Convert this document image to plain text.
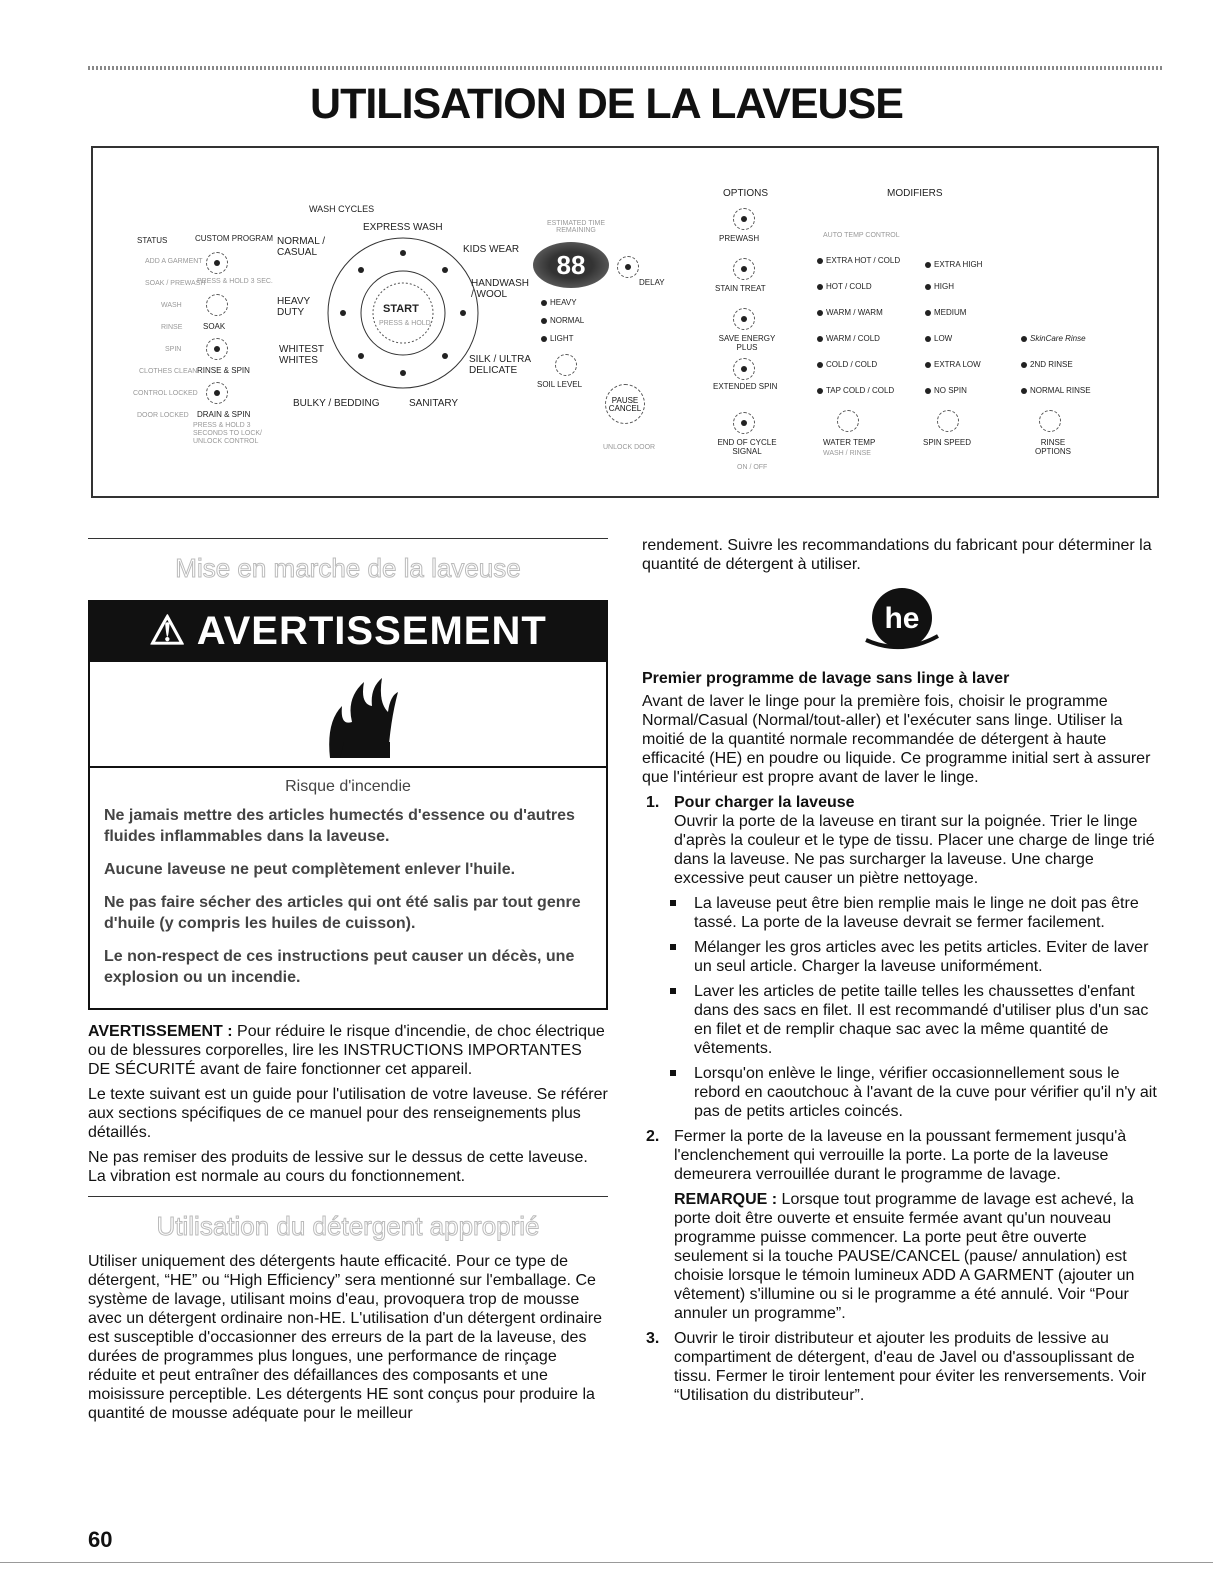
UTILISATION DE LA LAVEUSE
STATUS
ADD A GARMENT
SOAK / PREWASH
WASH
RINSE
SPIN
CLOTHES CLEAN
CONTROL LOCKED
DOOR LOCKED
CUSTOM PROGRAM
PRESS & HOLD 3 SEC.
SOAK
RINSE & SPIN
DRAIN & SPIN
PRESS & HOLD 3 SECONDS TO LOCK/ UNLOCK CONTROL
WASH CYCLES
START
PRESS & HOLD
EXPRESS WASH
NORMAL / CASUAL	KIDS WEAR
HANDWASH / WOOL
HEAVY DUTY
WHITEST WHITES	SILK / ULTRA DELICATE
BULKY / BEDDING	SANITARY
ESTIMATED TIME REMAINING
88
DELAY
HEAVY
NORMAL
LIGHT
SOIL LEVEL
PAUSE CANCEL
UNLOCK DOOR
OPTIONS
PREWASH
STAIN TREAT
SAVE ENERGY PLUS
EXTENDED SPIN
END OF CYCLE SIGNAL
ON / OFF
MODIFIERS
AUTO TEMP CONTROL
EXTRA HOT / COLD
HOT / COLD
WARM / WARM
WARM / COLD
COLD / COLD
TAP COLD / COLD
EXTRA HIGH
HIGH
MEDIUM
LOW
EXTRA LOW
NO SPIN
SkinCare Rinse
2ND RINSE
NORMAL RINSE
WATER TEMP
WASH / RINSE
SPIN SPEED	RINSE OPTIONS
Mise en marche de la laveuse
⚠ AVERTISSEMENT

Risque d'incendie

Ne jamais mettre des articles humectés d'essence ou d'autres fluides inflammables dans la laveuse.

Aucune laveuse ne peut complètement enlever l'huile.

Ne pas faire sécher des articles qui ont été salis par tout genre d'huile (y compris les huiles de cuisson).

Le non-respect de ces instructions peut causer un décès, une explosion ou un incendie.

AVERTISSEMENT : Pour réduire le risque d'incendie, de choc électrique ou de blessures corporelles, lire les INSTRUCTIONS IMPORTANTES DE SÉCURITÉ avant de faire fonctionner cet appareil.

Le texte suivant est un guide pour l'utilisation de votre laveuse. Se référer aux sections spécifiques de ce manuel pour des renseignements plus détaillés.

Ne pas remiser des produits de lessive sur le dessus de cette laveuse. La vibration est normale au cours du fonctionnement.

Utilisation du détergent approprié

Utiliser uniquement des détergents haute efficacité. Pour ce type de détergent, “HE” ou “High Efficiency” sera mentionné sur l'emballage. Ce système de lavage, utilisant moins d'eau, provoquera trop de mousse avec un détergent ordinaire non-HE. L'utilisation d'un détergent ordinaire est susceptible d'occasionner des erreurs de la part de la laveuse, des durées de programmes plus longues, une performance de rinçage réduite et peut entraîner des défaillances des composants et une moisissure perceptible. Les détergents HE sont conçus pour produire la quantité de mousse adéquate pour le meilleur

rendement. Suivre les recommandations du fabricant pour déterminer la quantité de détergent à utiliser.

he
Premier programme de lavage sans linge à laver

Avant de laver le linge pour la première fois, choisir le programme Normal/Casual (Normal/tout-aller) et l'exécuter sans linge. Utiliser la moitié de la quantité normale recommandée de détergent à haute efficacité (HE) en poudre ou liquide. Ce programme initial sert à assurer que l'intérieur est propre avant de laver le linge.

1. Pour charger la laveuse
Ouvrir la porte de la laveuse en tirant sur la poignée. Trier le linge d'après la couleur et le type de tissu. Placer une charge de linge trié dans la laveuse. Ne pas surcharger la laveuse. Une charge excessive peut causer un piètre nettoyage.
La laveuse peut être bien remplie mais le linge ne doit pas être tassé. La porte de la laveuse devrait se fermer facilement.
Mélanger les gros articles avec les petits articles. Eviter de laver un seul article. Charger la laveuse uniformément.
Laver les articles de petite taille telles les chaussettes d'enfant dans des sacs en filet. Il est recommandé d'utiliser plus d'un sac en filet et de remplir chaque sac avec la même quantité de vêtements.
Lorsqu'on enlève le linge, vérifier occasionnellement sous le rebord en caoutchouc à l'avant de la cuve pour vérifier qu'il n'y ait pas de petits articles coincés.
2. Fermer la porte de la laveuse en la poussant fermement jusqu'à l'enclenchement qui verrouille la porte. La porte de la laveuse demeurera verrouillée durant le programme de lavage.
REMARQUE : Lorsque tout programme de lavage est achevé, la porte doit être ouverte et ensuite fermée avant qu'un nouveau programme puisse commencer. La porte peut être ouverte seulement si la touche PAUSE/CANCEL (pause/ annulation) est choisie lorsque le témoin lumineux ADD A GARMENT (ajouter un vêtement) s'illumine ou si le programme a été annulé. Voir “Pour annuler un programme”.
3. Ouvrir le tiroir distributeur et ajouter les produits de lessive au compartiment de détergent, d'eau de Javel ou d'assouplissant de tissu. Fermer le tiroir lentement pour éviter les renversements. Voir “Utilisation du distributeur”.
60
